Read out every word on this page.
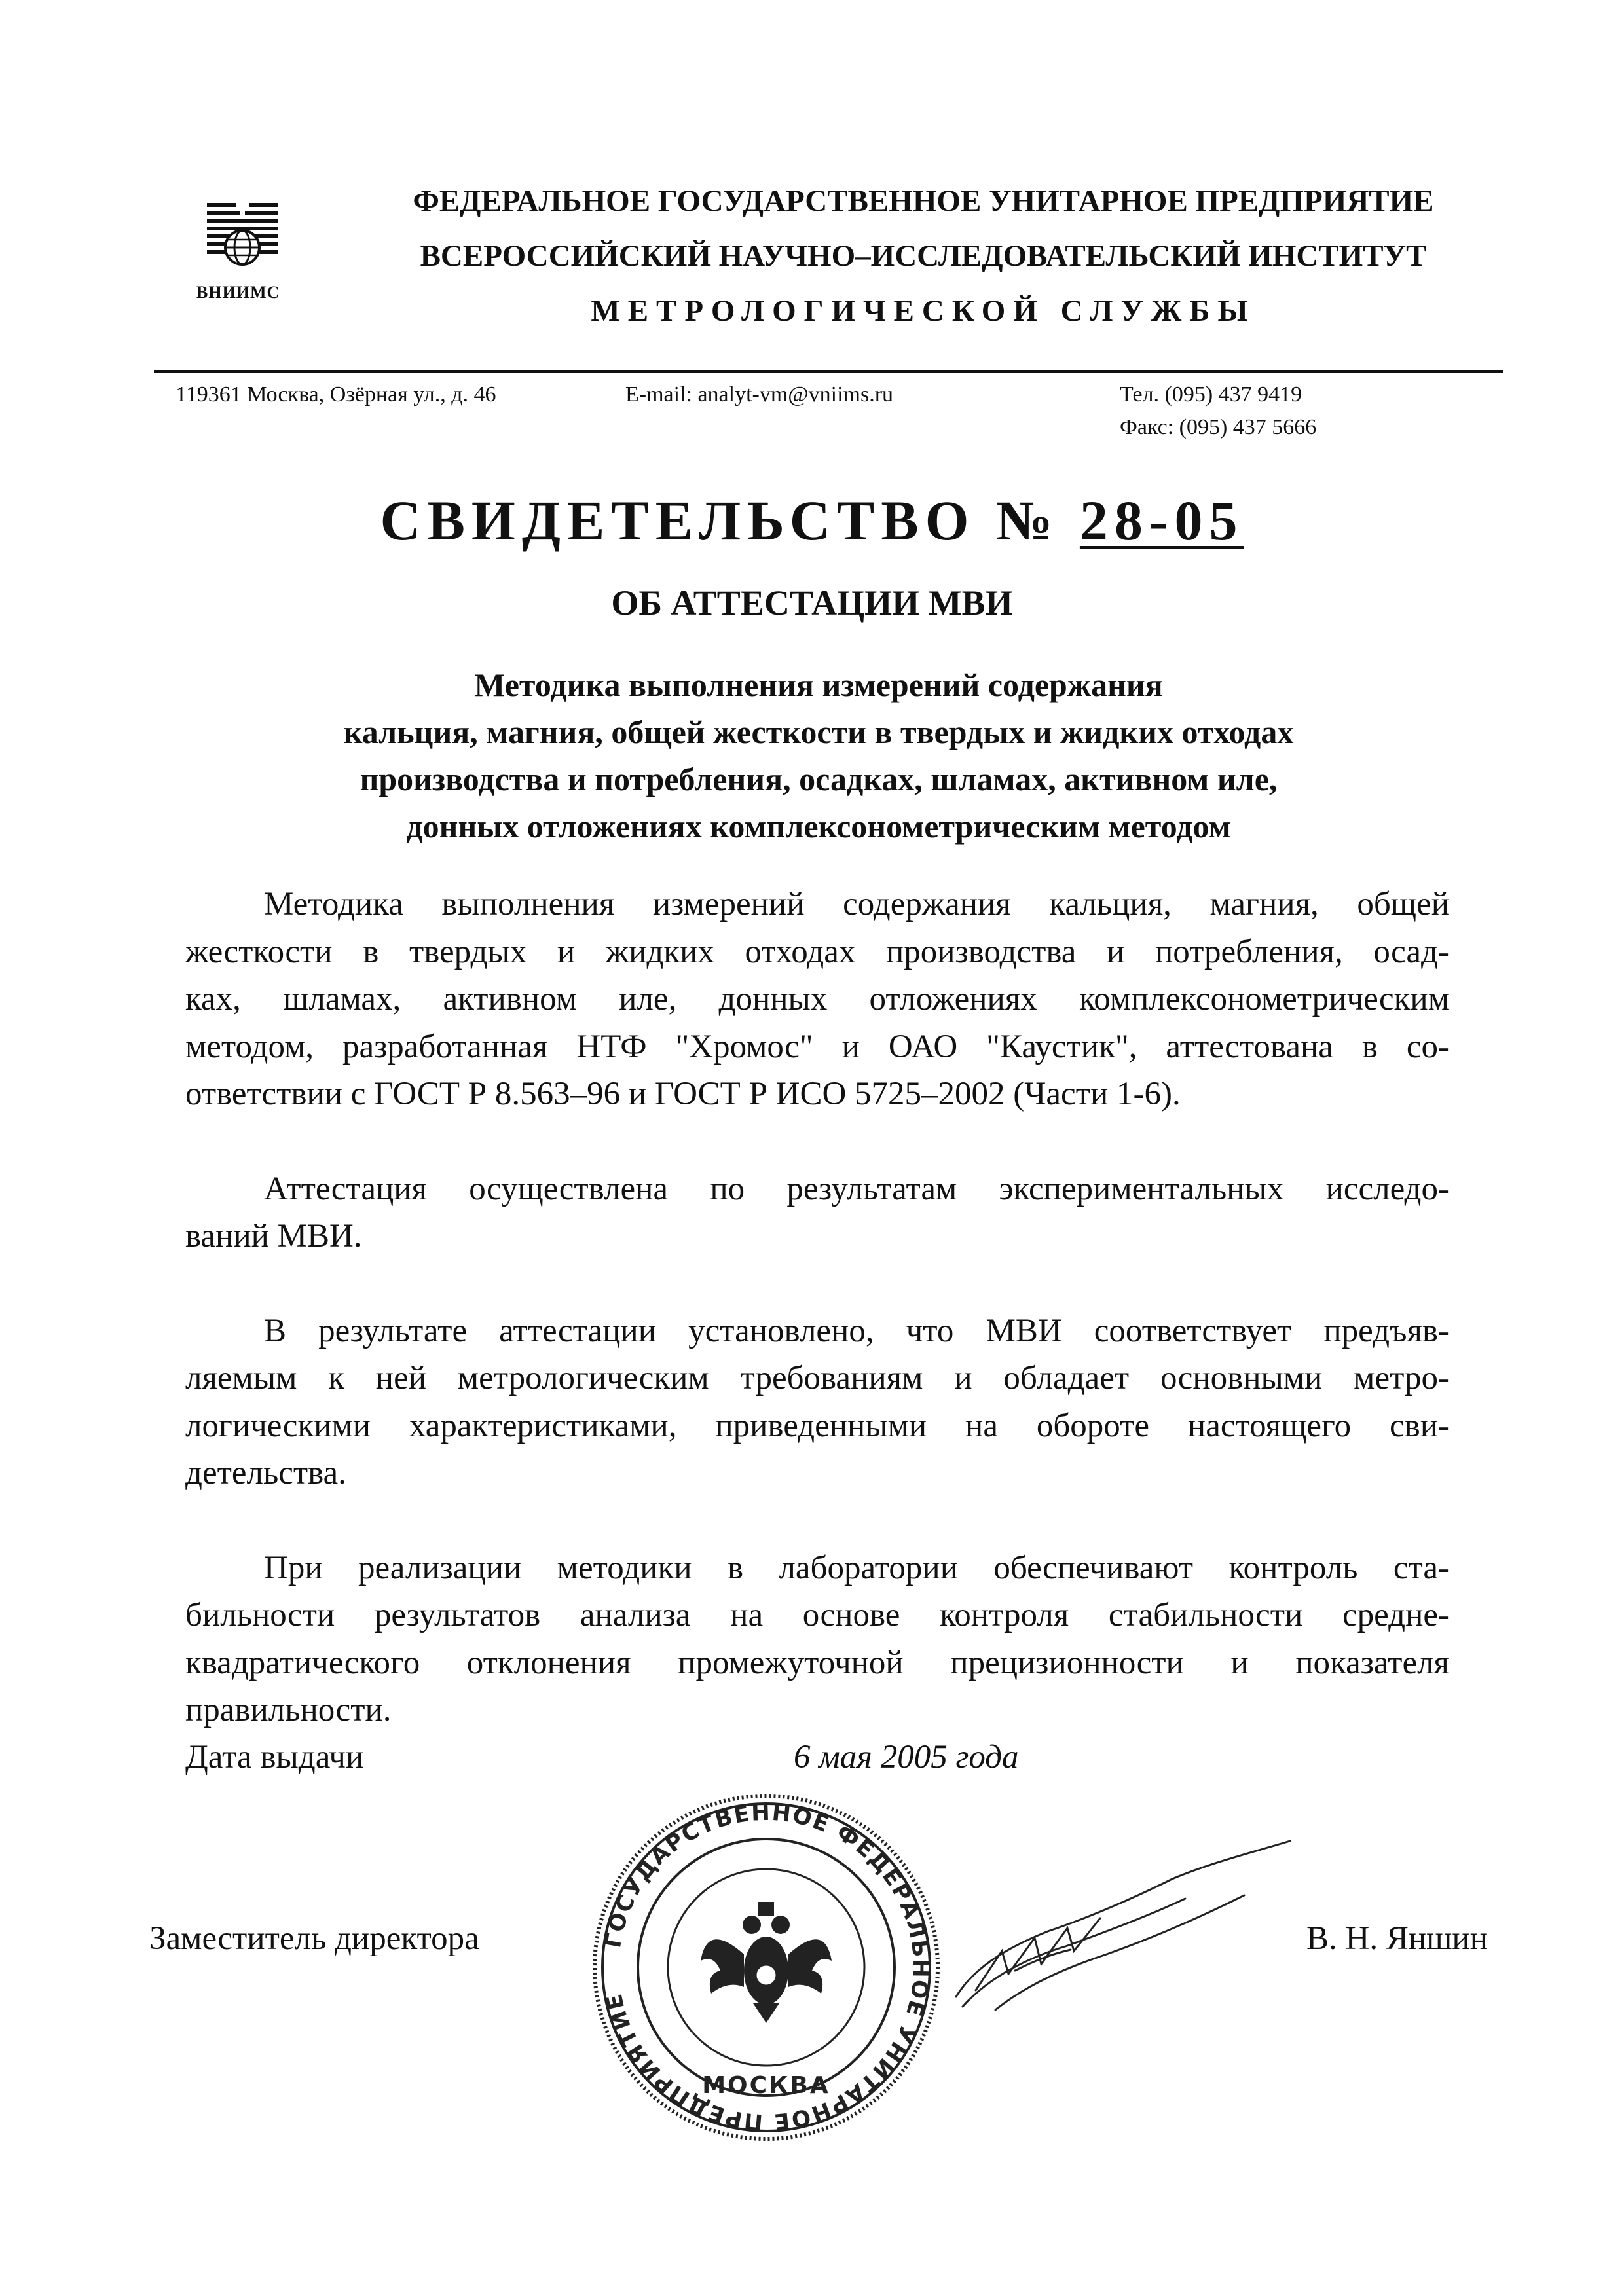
ВНИИМС
ФЕДЕРАЛЬНОЕ ГОСУДАРСТВЕННОЕ УНИТАРНОЕ ПРЕДПРИЯТИЕ
ВСЕРОССИЙСКИЙ НАУЧНО–ИССЛЕДОВАТЕЛЬСКИЙ ИНСТИТУТ
МЕТРОЛОГИЧЕСКОЙ СЛУЖБЫ
119361 Москва, Озёрная ул., д. 46	E-mail: analyt-vm@vniims.ru	Тел. (095) 437 9419
Факс: (095) 437 5666
СВИДЕТЕЛЬСТВО № 28-05
ОБ АТТЕСТАЦИИ МВИ
Методика выполнения измерений содержания
кальция, магния, общей жесткости в твердых и жидких отходах
производства и потребления, осадках, шламах, активном иле,
донных отложениях комплексонометрическим методом
Методика выполнения измерений содержания кальция, магния, общей
жесткости в твердых и жидких отходах производства и потребления, осад-
ках, шламах, активном иле, донных отложениях комплексонометрическим
методом, разработанная НТФ "Хромос" и ОАО "Каустик", аттестована в со-
ответствии с ГОСТ Р 8.563–96 и ГОСТ Р ИСО 5725–2002 (Части 1-6).
Аттестация осуществлена по результатам экспериментальных исследо-
ваний МВИ.
В результате аттестации установлено, что МВИ соответствует предъяв-
ляемым к ней метрологическим требованиям и обладает основными метро-
логическими характеристиками, приведенными на обороте настоящего сви-
детельства.
При реализации методики в лаборатории обеспечивают контроль ста-
бильности результатов анализа на основе контроля стабильности средне-
квадратического отклонения промежуточной прецизионности и показателя
правильности.
Дата выдачи	6 мая 2005 года
ГОСУДАРСТВЕННОЕ ФЕДЕРАЛЬНОЕ УНИТАРНОЕ ПРЕДПРИЯТИЕ
МОСКВА
Заместитель директора	В. Н. Яншин
